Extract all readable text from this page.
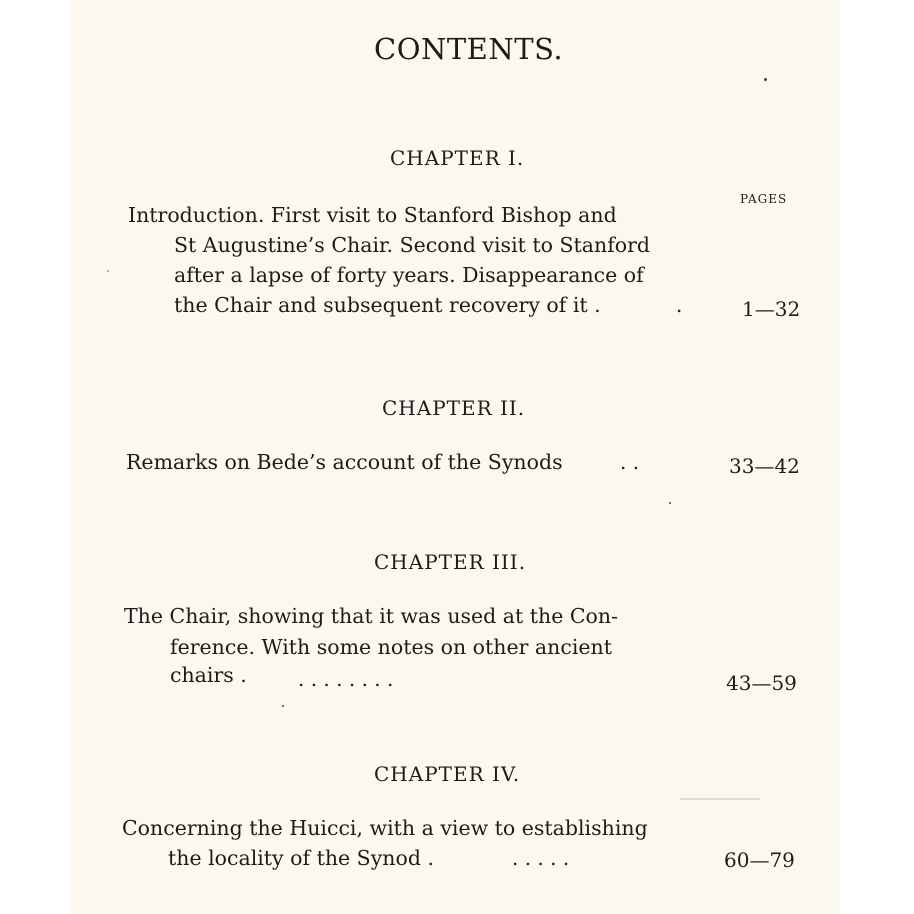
CONTENTS.
CHAPTER I.
PAGES
Introduction. First visit to Stanford Bishop and
St Augustine’s Chair. Second visit to Stanford
after a lapse of forty years. Disappearance of
the Chair and subsequent recovery of it .	.	1—32
CHAPTER II.
Remarks on Bede’s account of the Synods	. .	33—42
CHAPTER III.
The Chair, showing that it was used at the Con-
ference. With some notes on other ancient
chairs .	. . . . . . . .	43—59
CHAPTER IV.
Concerning the Huicci, with a view to establishing
the locality of the Synod .	. . . . .	60—79
